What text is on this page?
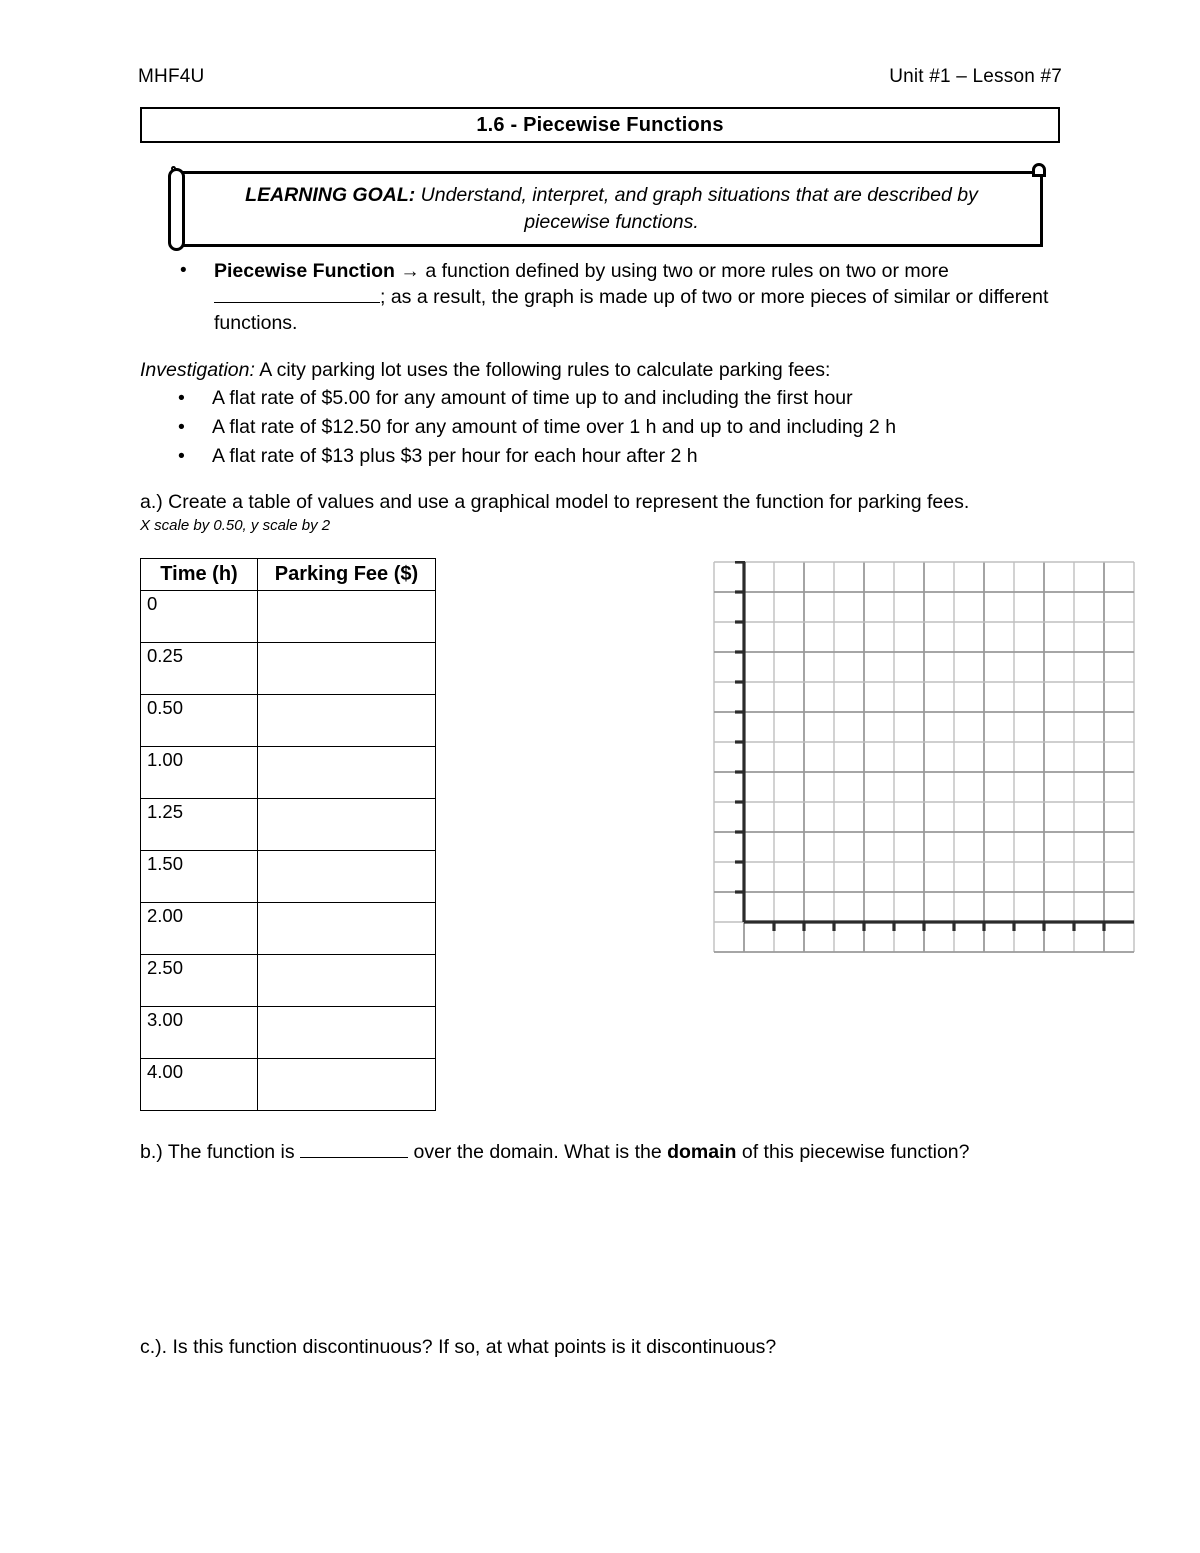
MHF4U	Unit #1 – Lesson #7
1.6 - Piecewise Functions
LEARNING GOAL: Understand, interpret, and graph situations that are described by piecewise functions.
•	Piecewise Function → a function defined by using two or more rules on two or more ; as a result, the graph is made up of two or more pieces of similar or different functions.
Investigation: A city parking lot uses the following rules to calculate parking fees:
•	A flat rate of $5.00 for any amount of time up to and including the first hour
•	A flat rate of $12.50 for any amount of time over 1 h and up to and including 2 h
•	A flat rate of $13 plus $3 per hour for each hour after 2 h
a.) Create a table of values and use a graphical model to represent the function for parking fees.
X scale by 0.50, y scale by 2
Time (h)	Parking Fee ($)
0	
0.25	
0.50	
1.00	
1.25	
1.50	
2.00	
2.50	
3.00	
4.00	
b.) The function is	over the domain. What is the domain of this piecewise function?
c.). Is this function discontinuous? If so, at what points is it discontinuous?
